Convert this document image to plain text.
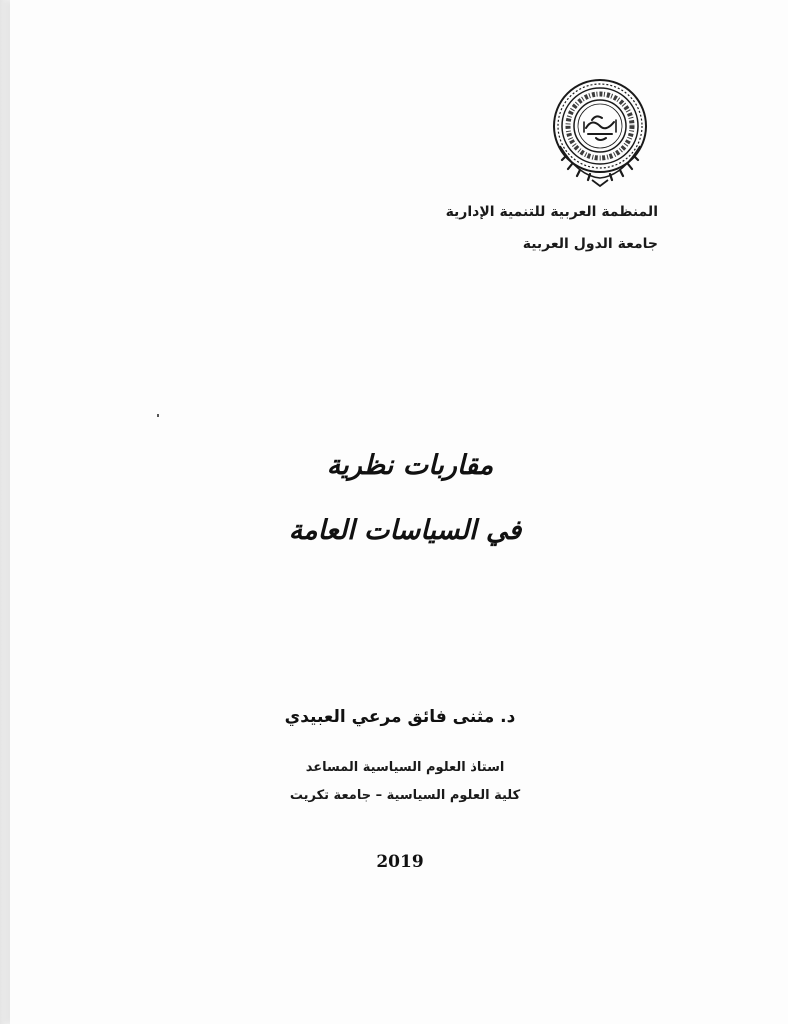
المنظمة العربية للتنمية الإدارية
جامعة الدول العربية
مقاربات نظرية
في السياسات العامة
د. مثنى فائق مرعي العبيدي
استاذ العلوم السياسية المساعد
كلية العلوم السياسية – جامعة تكريت
2019
